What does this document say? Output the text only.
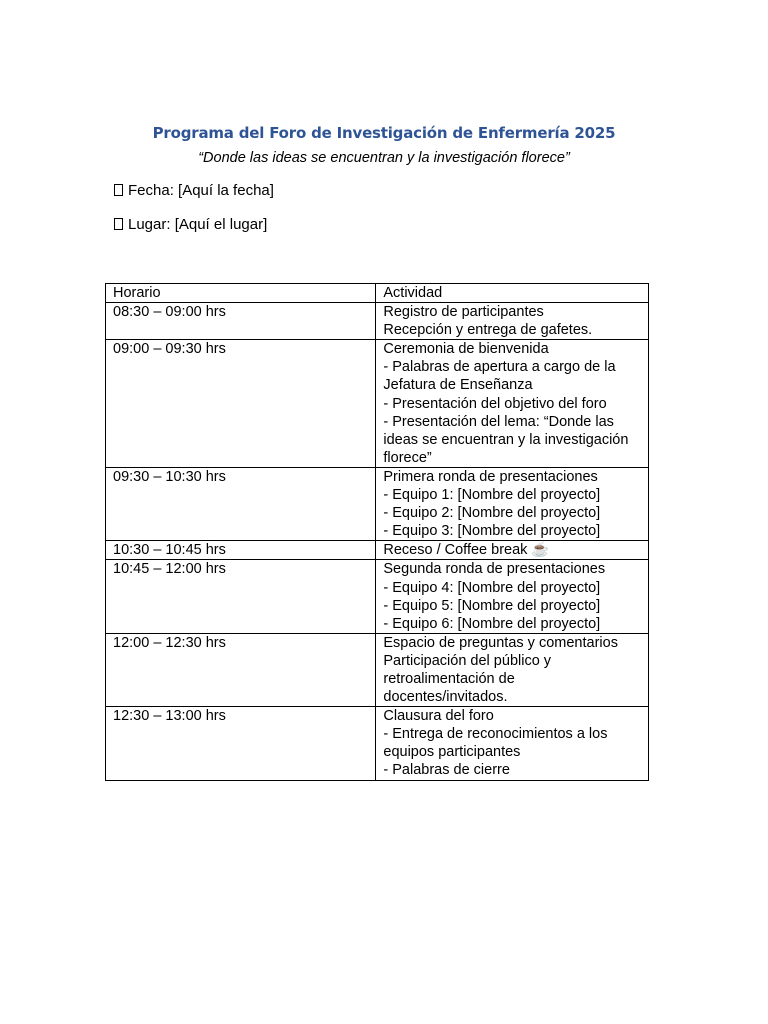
Programa del Foro de Investigación de Enfermería 2025
“Donde las ideas se encuentran y la investigación florece”
Fecha: [Aquí la fecha]
Lugar: [Aquí el lugar]
Horario	Actividad
08:30 – 09:00 hrs	Registro de participantes
Recepción y entrega de gafetes.

09:00 – 09:30 hrs	Ceremonia de bienvenida
- Palabras de apertura a cargo de la Jefatura de Enseñanza
- Presentación del objetivo del foro
- Presentación del lema: “Donde las ideas se encuentran y la investigación florece”

09:30 – 10:30 hrs	Primera ronda de presentaciones
- Equipo 1: [Nombre del proyecto]
- Equipo 2: [Nombre del proyecto]
- Equipo 3: [Nombre del proyecto]

10:30 – 10:45 hrs	Receso / Coffee break ☕

10:45 – 12:00 hrs	Segunda ronda de presentaciones
- Equipo 4: [Nombre del proyecto]
- Equipo 5: [Nombre del proyecto]
- Equipo 6: [Nombre del proyecto]

12:00 – 12:30 hrs	Espacio de preguntas y comentarios
Participación del público y retroalimentación de docentes/invitados.

12:30 – 13:00 hrs	Clausura del foro
- Entrega de reconocimientos a los equipos participantes
- Palabras de cierre
